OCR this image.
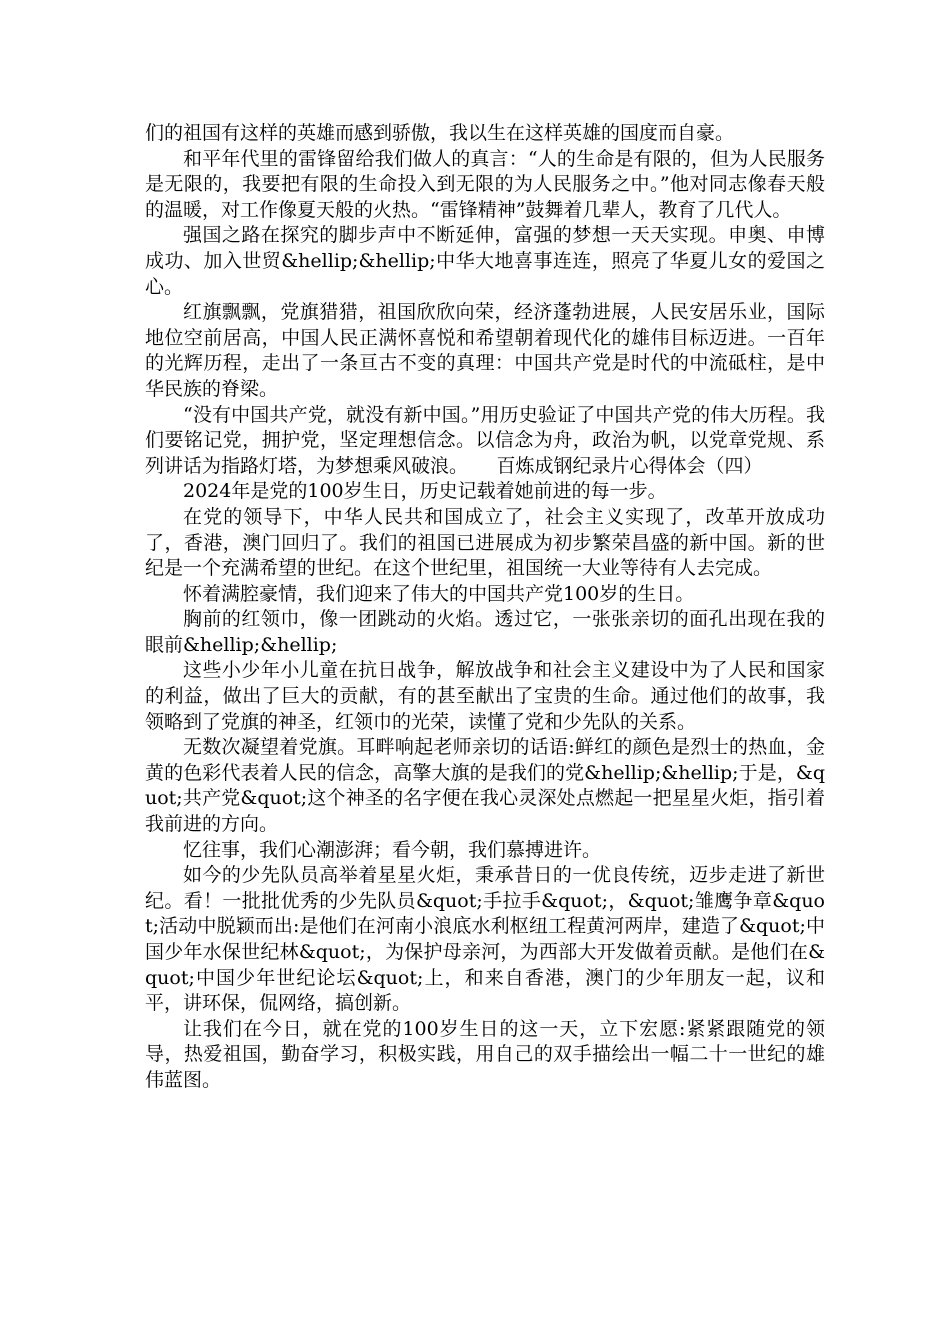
们的祖国有这样的英雄而感到骄傲，我以生在这样英雄的国度而自豪。

和平年代里的雷锋留给我们做人的真言：“人的生命是有限的，但为人民服务是无限的，我要把有限的生命投入到无限的为人民服务之中。”他对同志像春天般的温暖，对工作像夏天般的火热。“雷锋精神”鼓舞着几辈人，教育了几代人。

强国之路在探究的脚步声中不断延伸，富强的梦想一天天实现。申奥、申博成功、加入世贸&hellip;&hellip;中华大地喜事连连，照亮了华夏儿女的爱国之心。

红旗飘飘，党旗猎猎，祖国欣欣向荣，经济蓬勃进展，人民安居乐业，国际地位空前居高，中国人民正满怀喜悦和希望朝着现代化的雄伟目标迈进。一百年的光辉历程，走出了一条亘古不变的真理：中国共产党是时代的中流砥柱，是中华民族的脊梁。

“没有中国共产党，就没有新中国。”用历史验证了中国共产党的伟大历程。我们要铭记党，拥护党，坚定理想信念。以信念为舟，政治为帆，以党章党规、系列讲话为指路灯塔，为梦想乘风破浪。　　百炼成钢纪录片心得体会（四）

2024年是党的100岁生日，历史记载着她前进的每一步。

在党的领导下，中华人民共和国成立了，社会主义实现了，改革开放成功了，香港，澳门回归了。我们的祖国已进展成为初步繁荣昌盛的新中国。新的世纪是一个充满希望的世纪。在这个世纪里，祖国统一大业等待有人去完成。

怀着满腔豪情，我们迎来了伟大的中国共产党100岁的生日。

胸前的红领巾，像一团跳动的火焰。透过它，一张张亲切的面孔出现在我的眼前&hellip;&hellip;

这些小少年小儿童在抗日战争，解放战争和社会主义建设中为了人民和国家的利益，做出了巨大的贡献，有的甚至献出了宝贵的生命。通过他们的故事，我领略到了党旗的神圣，红领巾的光荣，读懂了党和少先队的关系。

无数次凝望着党旗。耳畔响起老师亲切的话语:鲜红的颜色是烈士的热血，金黄的色彩代表着人民的信念，高擎大旗的是我们的党&hellip;&hellip;于是，&quot;共产党&quot;这个神圣的名字便在我心灵深处点燃起一把星星火炬，指引着我前进的方向。

忆往事，我们心潮澎湃；看今朝，我们慕搏进许。

如今的少先队员高举着星星火炬，秉承昔日的一优良传统，迈步走进了新世纪。看！一批批优秀的少先队员&quot;手拉手&quot;，&quot;雏鹰争章&quot;活动中脱颖而出:是他们在河南小浪底水利枢纽工程黄河两岸，建造了&quot;中国少年水保世纪林&quot;，为保护母亲河，为西部大开发做着贡献。是他们在&quot;中国少年世纪论坛&quot;上，和来自香港，澳门的少年朋友一起，议和平，讲环保，侃网络，搞创新。

让我们在今日，就在党的100岁生日的这一天，立下宏愿:紧紧跟随党的领导，热爱祖国，勤奋学习，积极实践，用自己的双手描绘出一幅二十一世纪的雄伟蓝图。
